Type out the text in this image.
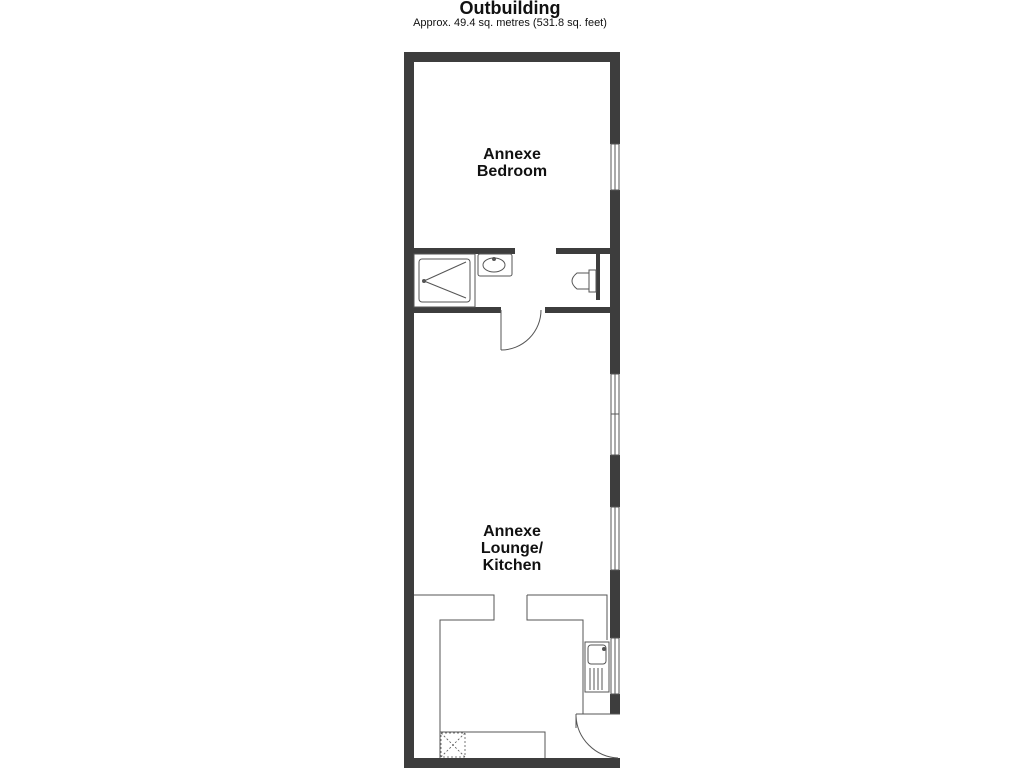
Outbuilding
Approx. 49.4 sq. metres (531.8 sq. feet)
Annexe
Bedroom
Annexe
Lounge/
Kitchen
